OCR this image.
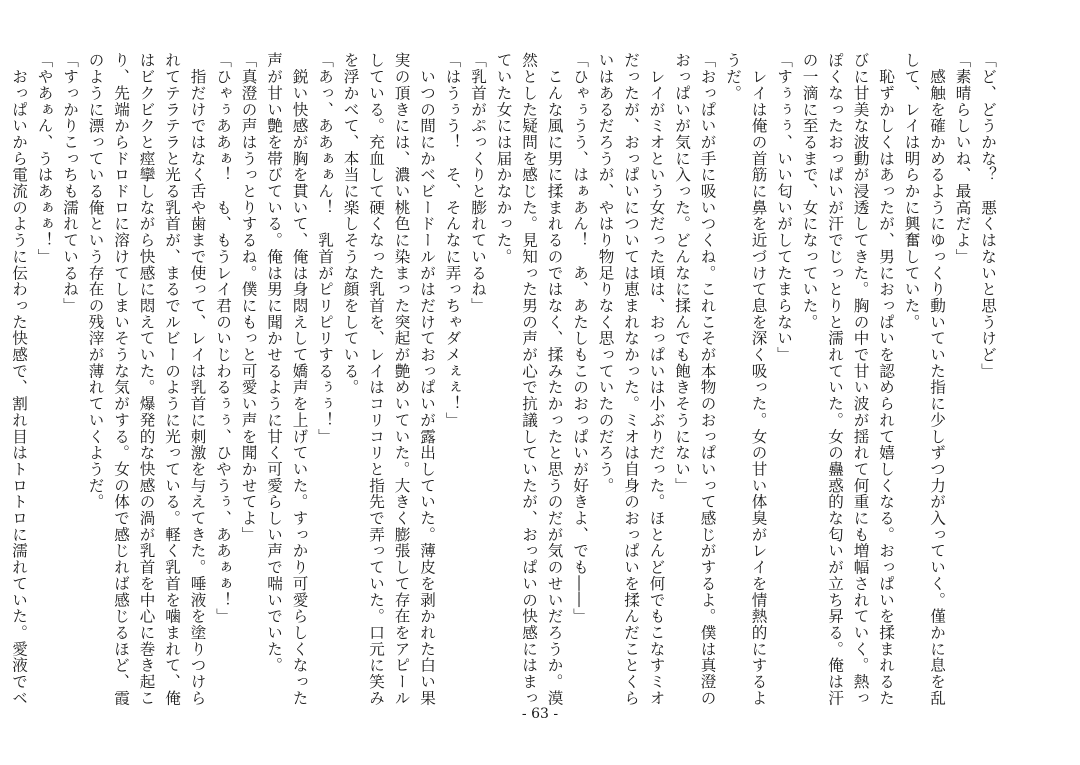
「ど、どうかな？　悪くはないと思うけど」
「素晴らしいね、最高だよ」
　感触を確かめるようにゆっくり動いていた指に少しずつ力が入っていく。僅かに息を乱
して、レイは明らかに興奮していた。
　恥ずかしくはあったが、男におっぱいを認められて嬉しくなる。おっぱいを揉まれるた
びに甘美な波動が浸透してきた。胸の中で甘い波が揺れて何重にも増幅されていく。熱っ
ぽくなったおっぱいが汗でじっとりと濡れていた。女の蠱惑的な匂いが立ち昇る。俺は汗
の一滴に至るまで、女になっていた。
「すぅぅぅ、いい匂いがしてたまらない」
　レイは俺の首筋に鼻を近づけて息を深く吸った。女の甘い体臭がレイを情熱的にするよ
うだ。
「おっぱいが手に吸いつくね。これこそが本物のおっぱいって感じがするよ。僕は真澄の
おっぱいが気に入った。どんなに揉んでも飽きそうにない」
　レイがミオという女だった頃は、おっぱいは小ぶりだった。ほとんど何でもこなすミオ
だったが、おっぱいについては恵まれなかった。ミオは自身のおっぱいを揉んだことくら
いはあるだろうが、やはり物足りなく思っていたのだろう。
「ひゃぅうう、はぁあん！　あ、あたしもこのおっぱいが好きよ、でも――」
　こんな風に男に揉まれるのではなく、揉みたかったと思うのだが気のせいだろうか。漠
然とした疑問を感じた。見知った男の声が心で抗議していたが、おっぱいの快感にはまっ
ていた女には届かなかった。
「乳首がぷっくりと膨れているね」
「はうぅう！　そ、そんなに弄っちゃダメぇぇ！」
　いつの間にかベビードールがはだけておっぱいが露出していた。薄皮を剥かれた白い果
実の頂きには、濃い桃色に染まった突起が艶めいていた。大きく膨張して存在をアピール
している。充血して硬くなった乳首を、レイはコリコリと指先で弄っていた。口元に笑み
を浮かべて、本当に楽しそうな顔をしている。
「あっ、ああぁぁん！　乳首がピリピリするぅぅ！」
　鋭い快感が胸を貫いて、俺は身悶えして嬌声を上げていた。すっかり可愛らしくなった
声が甘い艶を帯びている。俺は男に聞かせるように甘く可愛らしい声で喘いでいた。
「真澄の声はうっとりするね。僕にもっと可愛い声を聞かせてよ」
「ひゃぅああぁ！　も、もうレイ君のいじわるぅぅ、ひやうぅ、ああぁぁ！」
　指だけではなく舌や歯まで使って、レイは乳首に刺激を与えてきた。唾液を塗りつけら
れてテラテラと光る乳首が、まるでルビーのように光っている。軽く乳首を噛まれて、俺
はビクビクと痙攣しながら快感に悶えていた。爆発的な快感の渦が乳首を中心に巻き起こ
り、先端からドロドロに溶けてしまいそうな気がする。女の体で感じれば感じるほど、霞
のように漂っている俺という存在の残滓が薄れていくようだ。
「すっかりこっちも濡れているね」
「やあぁん、うはあぁぁ！」
　おっぱいから電流のように伝わった快感で、割れ目はトロトロに濡れていた。愛液でベ
- 63 -
